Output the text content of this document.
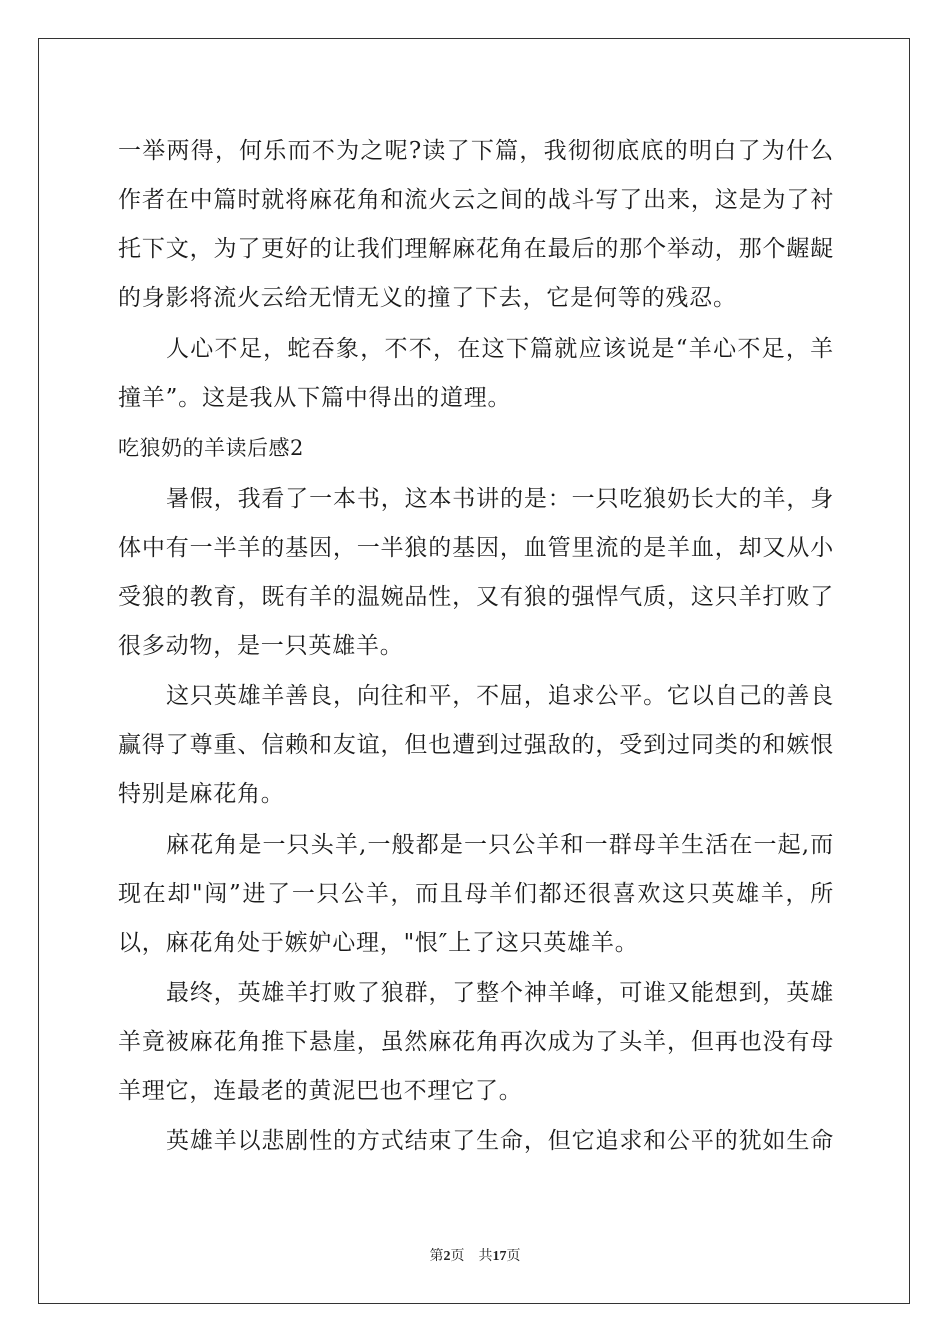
一举两得，何乐而不为之呢?读了下篇，我彻彻底底的明白了为什么
作者在中篇时就将麻花角和流火云之间的战斗写了出来，这是为了衬
托下文，为了更好的让我们理解麻花角在最后的那个举动，那个龌龊
的身影将流火云给无情无义的撞了下去，它是何等的残忍。
人心不足，蛇吞象，不不，在这下篇就应该说是“羊心不足，羊
撞羊”。这是我从下篇中得出的道理。
吃狼奶的羊读后感2
暑假，我看了一本书，这本书讲的是：一只吃狼奶长大的羊，身
体中有一半羊的基因，一半狼的基因，血管里流的是羊血，却又从小
受狼的教育，既有羊的温婉品性，又有狼的强悍气质，这只羊打败了
很多动物，是一只英雄羊。
这只英雄羊善良，向往和平，不屈，追求公平。它以自己的善良
赢得了尊重、信赖和友谊，但也遭到过强敌的，受到过同类的和嫉恨
特别是麻花角。
麻花角是一只头羊,一般都是一只公羊和一群母羊生活在一起,而
现在却"闯”进了一只公羊，而且母羊们都还很喜欢这只英雄羊，所
以，麻花角处于嫉妒心理，"恨″上了这只英雄羊。
最终，英雄羊打败了狼群，了整个神羊峰，可谁又能想到，英雄
羊竟被麻花角推下悬崖，虽然麻花角再次成为了头羊，但再也没有母
羊理它，连最老的黄泥巴也不理它了。
英雄羊以悲剧性的方式结束了生命，但它追求和公平的犹如生命
第2页 共17页
